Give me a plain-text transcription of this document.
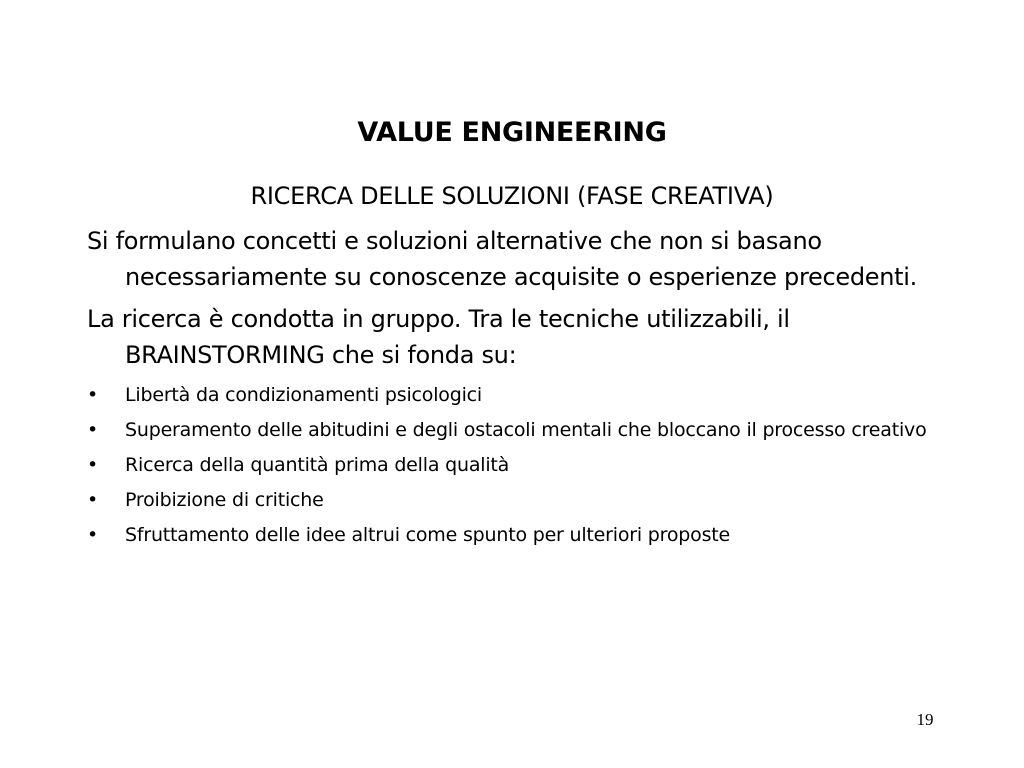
VALUE ENGINEERING
RICERCA DELLE SOLUZIONI (FASE CREATIVA)

Si formulano concetti e soluzioni alternative che non si basano necessariamente su conoscenze acquisite o esperienze precedenti.

La ricerca è condotta in gruppo. Tra le tecniche utilizzabili, il BRAINSTORMING che si fonda su:

•	Libertà da condizionamenti psicologici
•	Superamento delle abitudini e degli ostacoli mentali che bloccano il processo creativo
•	Ricerca della quantità prima della qualità
•	Proibizione di critiche
•	Sfruttamento delle idee altrui come spunto per ulteriori proposte
19
